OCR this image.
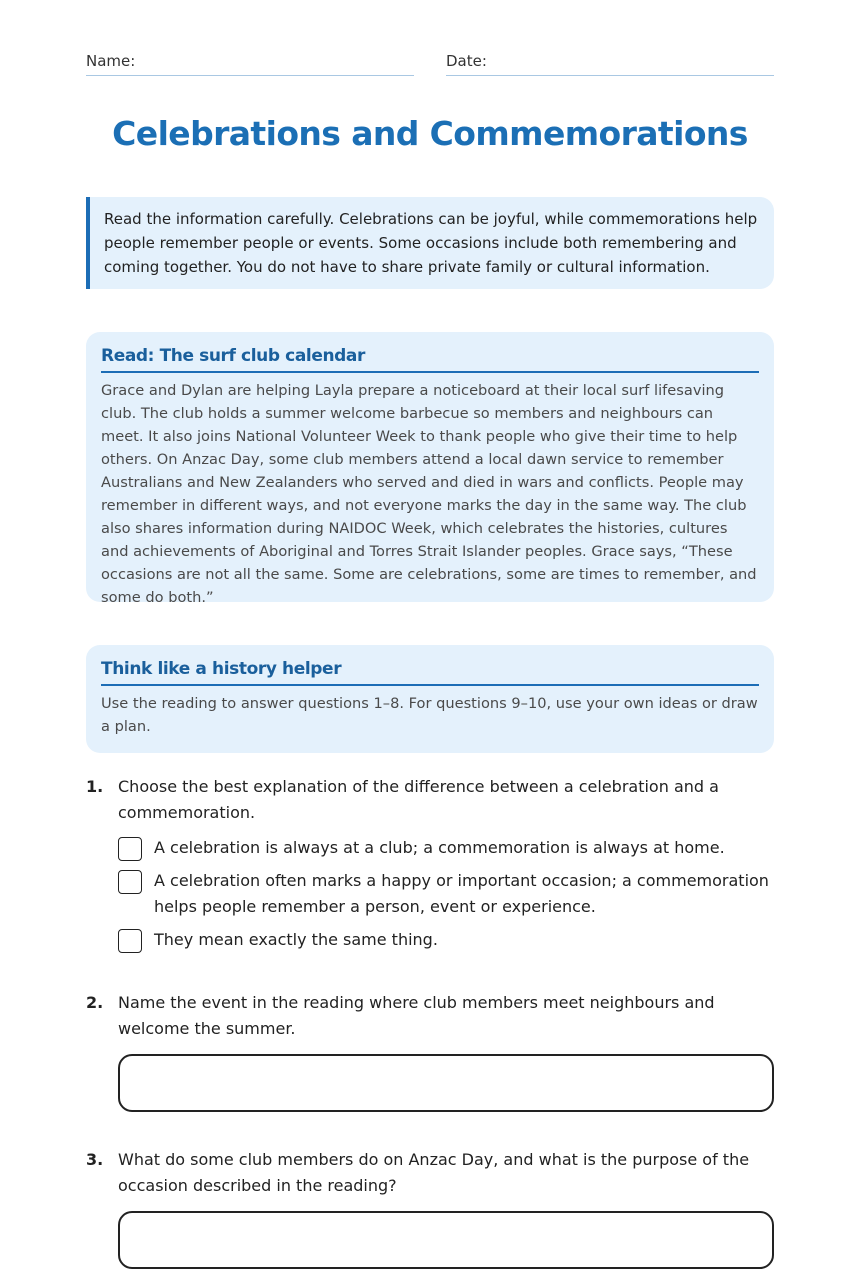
Name:	Date:
Celebrations and Commemorations
Read the information carefully. Celebrations can be joyful, while commemorations help people remember people or events. Some occasions include both remembering and coming together. You do not have to share private family or cultural information.
Read: The surf club calendar
Grace and Dylan are helping Layla prepare a noticeboard at their local surf lifesaving club. The club holds a summer welcome barbecue so members and neighbours can meet. It also joins National Volunteer Week to thank people who give their time to help others. On Anzac Day, some club members attend a local dawn service to remember Australians and New Zealanders who served and died in wars and conflicts. People may remember in different ways, and not everyone marks the day in the same way. The club also shares information during NAIDOC Week, which celebrates the histories, cultures and achievements of Aboriginal and Torres Strait Islander peoples. Grace says, “These occasions are not all the same. Some are celebrations, some are times to remember, and some do both.”
Think like a history helper
Use the reading to answer questions 1–8. For questions 9–10, use your own ideas or draw a plan.
1. Choose the best explanation of the difference between a celebration and a commemoration.
A celebration is always at a club; a commemoration is always at home.
A celebration often marks a happy or important occasion; a commemoration helps people remember a person, event or experience.
They mean exactly the same thing.
2. Name the event in the reading where club members meet neighbours and welcome the summer.
3. What do some club members do on Anzac Day, and what is the purpose of the occasion described in the reading?
